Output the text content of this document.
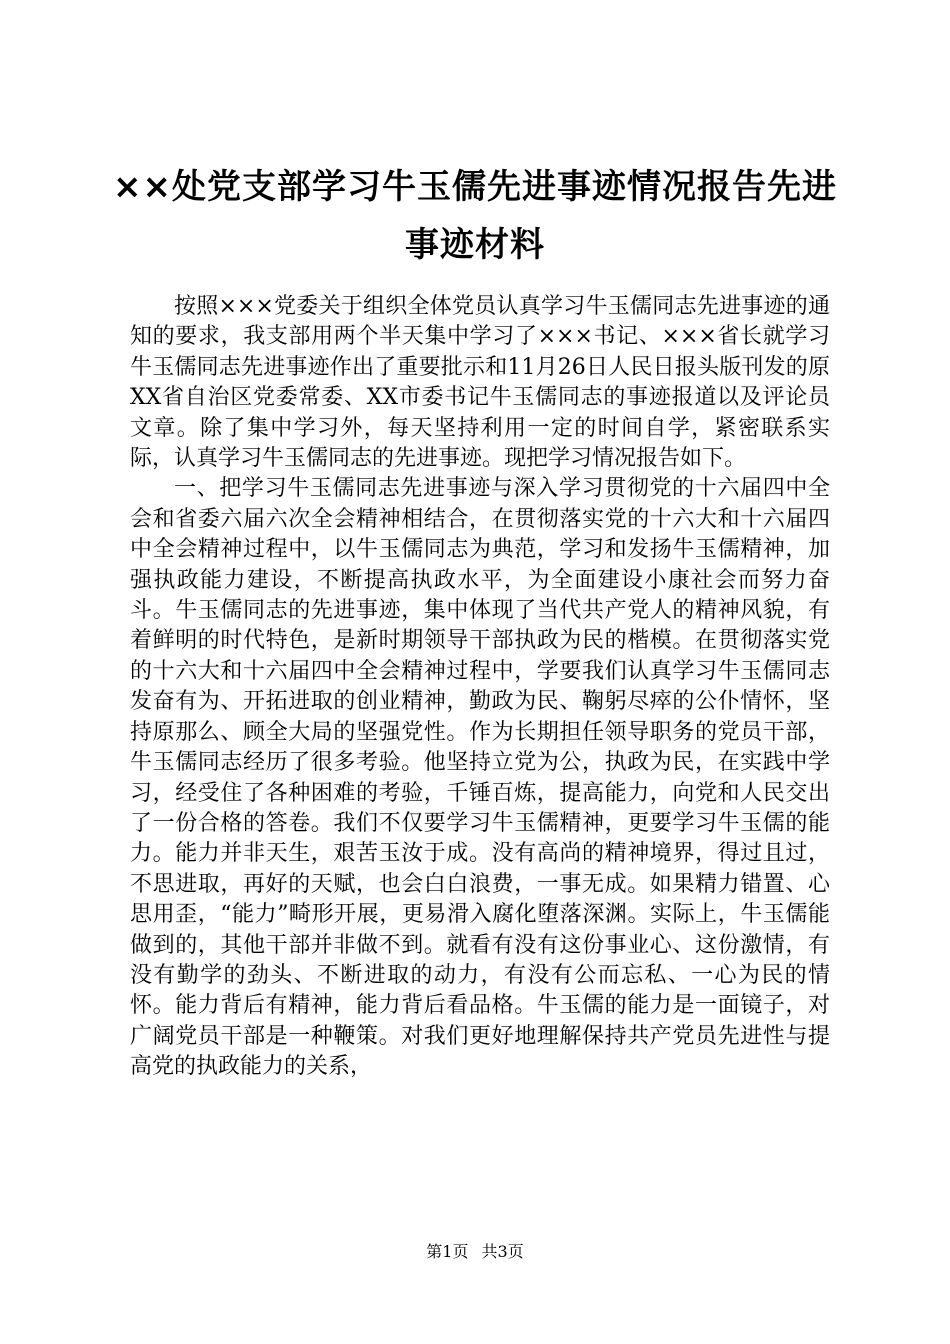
××处党支部学习牛玉儒先进事迹情况报告先进事迹材料

按照×××党委关于组织全体党员认真学习牛玉儒同志先进事迹的通知的要求，我支部用两个半天集中学习了×××书记、×××省长就学习牛玉儒同志先进事迹作出了重要批示和11月26日人民日报头版刊发的原XX省自治区党委常委、XX市委书记牛玉儒同志的事迹报道以及评论员文章。除了集中学习外，每天坚持利用一定的时间自学，紧密联系实际，认真学习牛玉儒同志的先进事迹。现把学习情况报告如下。

一、把学习牛玉儒同志先进事迹与深入学习贯彻党的十六届四中全会和省委六届六次全会精神相结合，在贯彻落实党的十六大和十六届四中全会精神过程中，以牛玉儒同志为典范，学习和发扬牛玉儒精神，加强执政能力建设，不断提高执政水平，为全面建设小康社会而努力奋斗。牛玉儒同志的先进事迹，集中体现了当代共产党人的精神风貌，有着鲜明的时代特色，是新时期领导干部执政为民的楷模。在贯彻落实党的十六大和十六届四中全会精神过程中，学要我们认真学习牛玉儒同志发奋有为、开拓进取的创业精神，勤政为民、鞠躬尽瘁的公仆情怀，坚持原那么、顾全大局的坚强党性。作为长期担任领导职务的党员干部，牛玉儒同志经历了很多考验。他坚持立党为公，执政为民，在实践中学习，经受住了各种困难的考验，千锤百炼，提高能力，向党和人民交出了一份合格的答卷。我们不仅要学习牛玉儒精神，更要学习牛玉儒的能力。能力并非天生，艰苦玉汝于成。没有高尚的精神境界，得过且过，不思进取，再好的天赋，也会白白浪费，一事无成。如果精力错置、心思用歪，“能力”畸形开展，更易滑入腐化堕落深渊。实际上，牛玉儒能做到的，其他干部并非做不到。就看有没有这份事业心、这份激情，有没有勤学的劲头、不断进取的动力，有没有公而忘私、一心为民的情怀。能力背后有精神，能力背后看品格。牛玉儒的能力是一面镜子，对广阔党员干部是一种鞭策。对我们更好地理解保持共产党员先进性与提高党的执政能力的关系，

第1页 共3页
